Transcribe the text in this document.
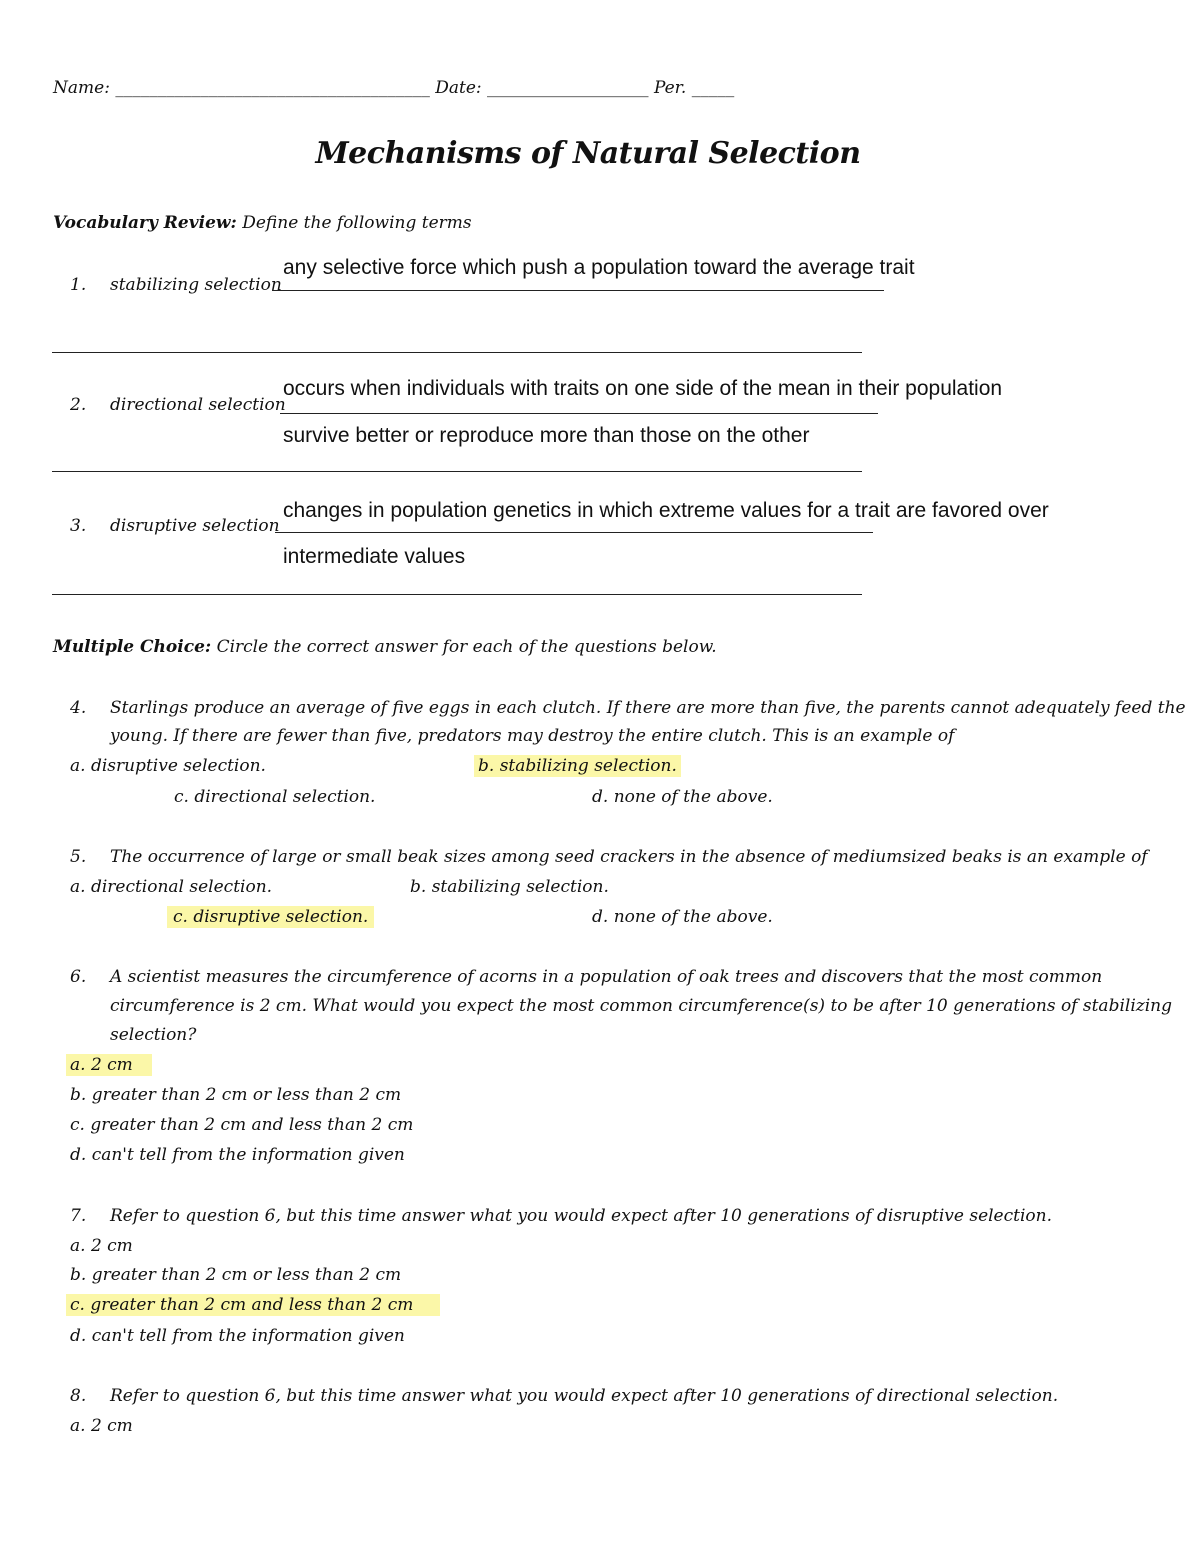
Name: _____________________________________ Date: ___________________ Per. _____
Mechanisms of Natural Selection
Vocabulary Review: Define the following terms
1. stabilizing selection
any selective force which push a population toward the average trait
2. directional selection
occurs when individuals with traits on one side of the mean in their population
survive better or reproduce more than those on the other
3. disruptive selection
changes in population genetics in which extreme values for a trait are favored over
intermediate values
Multiple Choice: Circle the correct answer for each of the questions below.
4. Starlings produce an average of five eggs in each clutch. If there are more than five, the parents cannot adequately feed the
young. If there are fewer than five, predators may destroy the entire clutch. This is an example of
a. disruptive selection.	b. stabilizing selection.
c. directional selection.	d. none of the above.
5. The occurrence of large or small beak sizes among seed crackers in the absence of mediumsized beaks is an example of
a. directional selection.	b. stabilizing selection.
c. disruptive selection.	d. none of the above.
6. A scientist measures the circumference of acorns in a population of oak trees and discovers that the most common
circumference is 2 cm. What would you expect the most common circumference(s) to be after 10 generations of stabilizing
selection?
a. 2 cm
b. greater than 2 cm or less than 2 cm
c. greater than 2 cm and less than 2 cm
d. can't tell from the information given
7. Refer to question 6, but this time answer what you would expect after 10 generations of disruptive selection.
a. 2 cm
b. greater than 2 cm or less than 2 cm
c. greater than 2 cm and less than 2 cm
d. can't tell from the information given
8. Refer to question 6, but this time answer what you would expect after 10 generations of directional selection.
a. 2 cm
